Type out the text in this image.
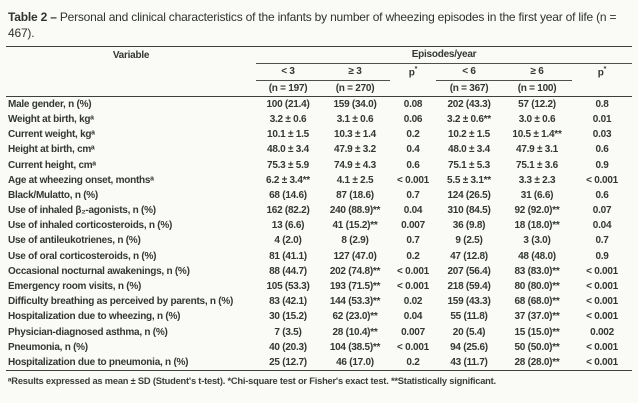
Table 2 – Personal and clinical characteristics of the infants by number of wheezing episodes in the first year of life (n = 467).
Variable	Episodes/year					
	< 3	≥ 3	p*	< 6	≥ 6	p*
	(n = 197)	(n = 270)		(n = 367)	(n = 100)	
Male gender, n (%)	100 (21.4)	159 (34.0)	0.08	202 (43.3)	57 (12.2)	0.8
Weight at birth, kgᵃ	3.2 ± 0.6	3.1 ± 0.6	0.06	3.2 ± 0.6**	3.0 ± 0.6	0.01
Current weight, kgᵃ	10.1 ± 1.5	10.3 ± 1.4	0.2	10.2 ± 1.5	10.5 ± 1.4**	0.03
Height at birth, cmᵃ	48.0 ± 3.4	47.9 ± 3.2	0.4	48.0 ± 3.4	47.9 ± 3.1	0.6
Current height, cmᵃ	75.3 ± 5.9	74.9 ± 4.3	0.6	75.1 ± 5.3	75.1 ± 3.6	0.9
Age at wheezing onset, monthsᵃ	6.2 ± 3.4**	4.1 ± 2.5	< 0.001	5.5 ± 3.1**	3.3 ± 2.3	< 0.001
Black/Mulatto, n (%)	68 (14.6)	87 (18.6)	0.7	124 (26.5)	31 (6.6)	0.6
Use of inhaled β₂-agonists, n (%)	162 (82.2)	240 (88.9)**	0.04	310 (84.5)	92 (92.0)**	0.07
Use of inhaled corticosteroids, n (%)	13 (6.6)	41 (15.2)**	0.007	36 (9.8)	18 (18.0)**	0.04
Use of antileukotrienes, n (%)	4 (2.0)	8 (2.9)	0.7	9 (2.5)	3 (3.0)	0.7
Use of oral corticosteroids, n (%)	81 (41.1)	127 (47.0)	0.2	47 (12.8)	48 (48.0)	0.9
Occasional nocturnal awakenings, n (%)	88 (44.7)	202 (74.8)**	< 0.001	207 (56.4)	83 (83.0)**	< 0.001
Emergency room visits, n (%)	105 (53.3)	193 (71.5)**	< 0.001	218 (59.4)	80 (80.0)**	< 0.001
Difficulty breathing as perceived by parents, n (%)	83 (42.1)	144 (53.3)**	0.02	159 (43.3)	68 (68.0)**	< 0.001
Hospitalization due to wheezing, n (%)	30 (15.2)	62 (23.0)**	0.04	55 (11.8)	37 (37.0)**	< 0.001
Physician-diagnosed asthma, n (%)	7 (3.5)	28 (10.4)**	0.007	20 (5.4)	15 (15.0)**	0.002
Pneumonia, n (%)	40 (20.3)	104 (38.5)**	< 0.001	94 (25.6)	50 (50.0)**	< 0.001
Hospitalization due to pneumonia, n (%)	25 (12.7)	46 (17.0)	0.2	43 (11.7)	28 (28.0)**	< 0.001
ᵃResults expressed as mean ± SD (Student's t-test). *Chi-square test or Fisher's exact test. **Statistically significant.
